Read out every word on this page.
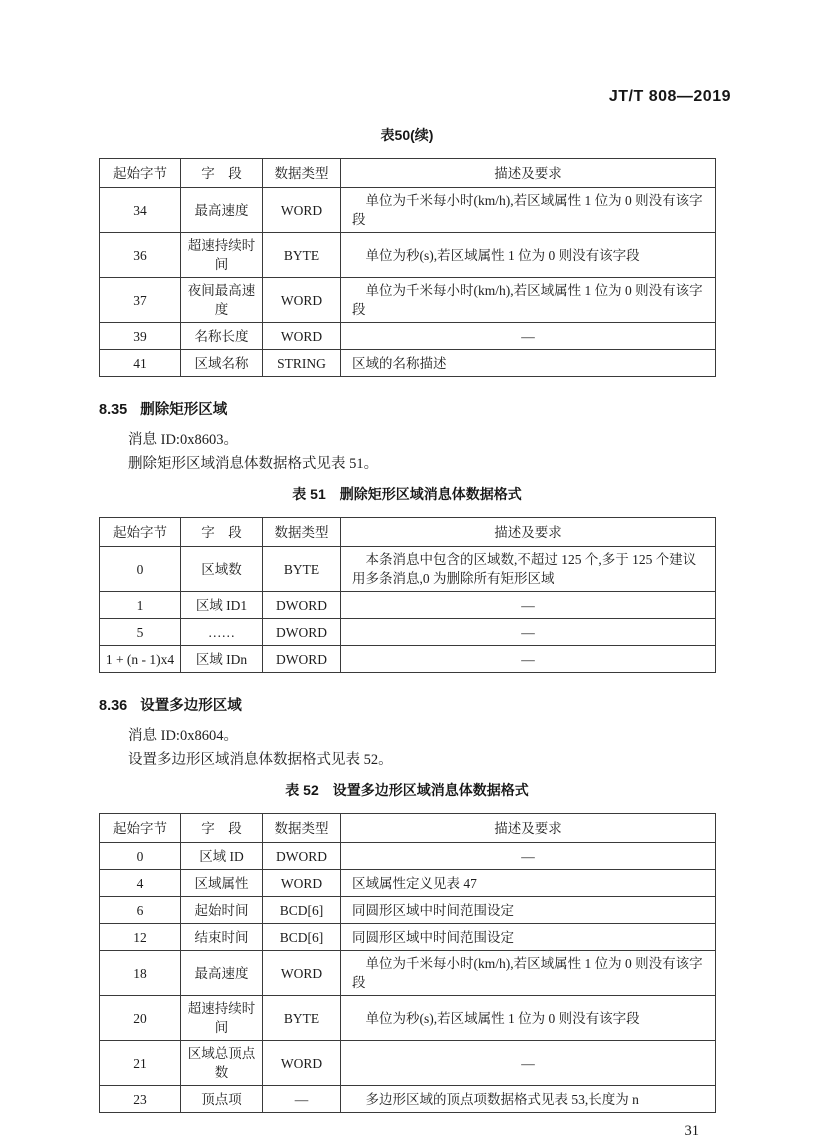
JT/T 808—2019
表50(续)
起始字节	字　段	数据类型	描述及要求
34	最高速度	WORD	单位为千米每小时(km/h),若区域属性 1 位为 0 则没有该字段
36	超速持续时间	BYTE	单位为秒(s),若区域属性 1 位为 0 则没有该字段
37	夜间最高速度	WORD	单位为千米每小时(km/h),若区域属性 1 位为 0 则没有该字段
39	名称长度	WORD	—
41	区域名称	STRING	区域的名称描述
8.35 删除矩形区域

消息 ID:0x8603。

删除矩形区域消息体数据格式见表 51。

表 51　删除矩形区域消息体数据格式
起始字节	字　段	数据类型	描述及要求
0	区域数	BYTE	本条消息中包含的区域数,不超过 125 个,多于 125 个建议用多条消息,0 为删除所有矩形区域
1	区域 ID1	DWORD	—
5	……	DWORD	—
1 + (n - 1)x4	区域 IDn	DWORD	—
8.36 设置多边形区域

消息 ID:0x8604。

设置多边形区域消息体数据格式见表 52。

表 52　设置多边形区域消息体数据格式
起始字节	字　段	数据类型	描述及要求
0	区域 ID	DWORD	—
4	区域属性	WORD	区域属性定义见表 47
6	起始时间	BCD[6]	同圆形区域中时间范围设定
12	结束时间	BCD[6]	同圆形区域中时间范围设定
18	最高速度	WORD	单位为千米每小时(km/h),若区域属性 1 位为 0 则没有该字段
20	超速持续时间	BYTE	单位为秒(s),若区域属性 1 位为 0 则没有该字段
21	区域总顶点数	WORD	—
23	顶点项	—	多边形区域的顶点项数据格式见表 53,长度为 n
31
